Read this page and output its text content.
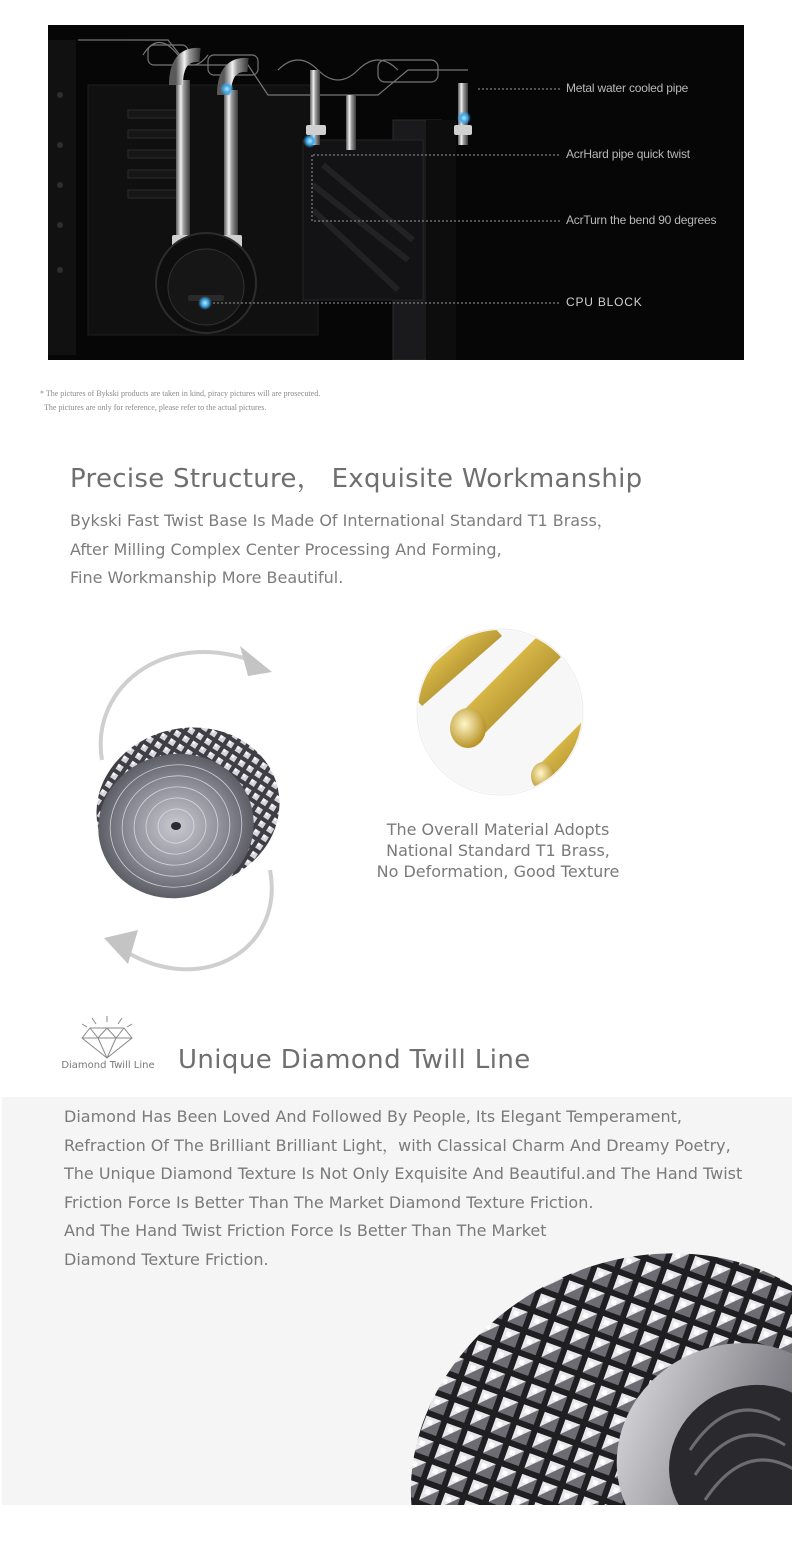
Metal water cooled pipe
AcrHard pipe quick twist
AcrTurn the bend 90 degrees
CPU BLOCK
* The pictures of Bykski products are taken in kind, piracy pictures will are prosecuted.
The pictures are only for reference, please refer to the actual pictures.
Precise Structure， Exquisite Workmanship
Bykski Fast Twist Base Is Made Of International Standard T1 Brass，
After Milling Complex Center Processing And Forming,
Fine Workmanship More Beautiful.
The Overall Material Adopts
National Standard T1 Brass,
No Deformation, Good Texture
Diamond Twill Line Unique Diamond Twill Line
Diamond Has Been Loved And Followed By People, Its Elegant Temperament,
Refraction Of The Brilliant Brilliant Light，with Classical Charm And Dreamy Poetry,
The Unique Diamond Texture Is Not Only Exquisite And Beautiful.and The Hand Twist
Friction Force Is Better Than The Market Diamond Texture Friction.
And The Hand Twist Friction Force Is Better Than The Market
Diamond Texture Friction.
